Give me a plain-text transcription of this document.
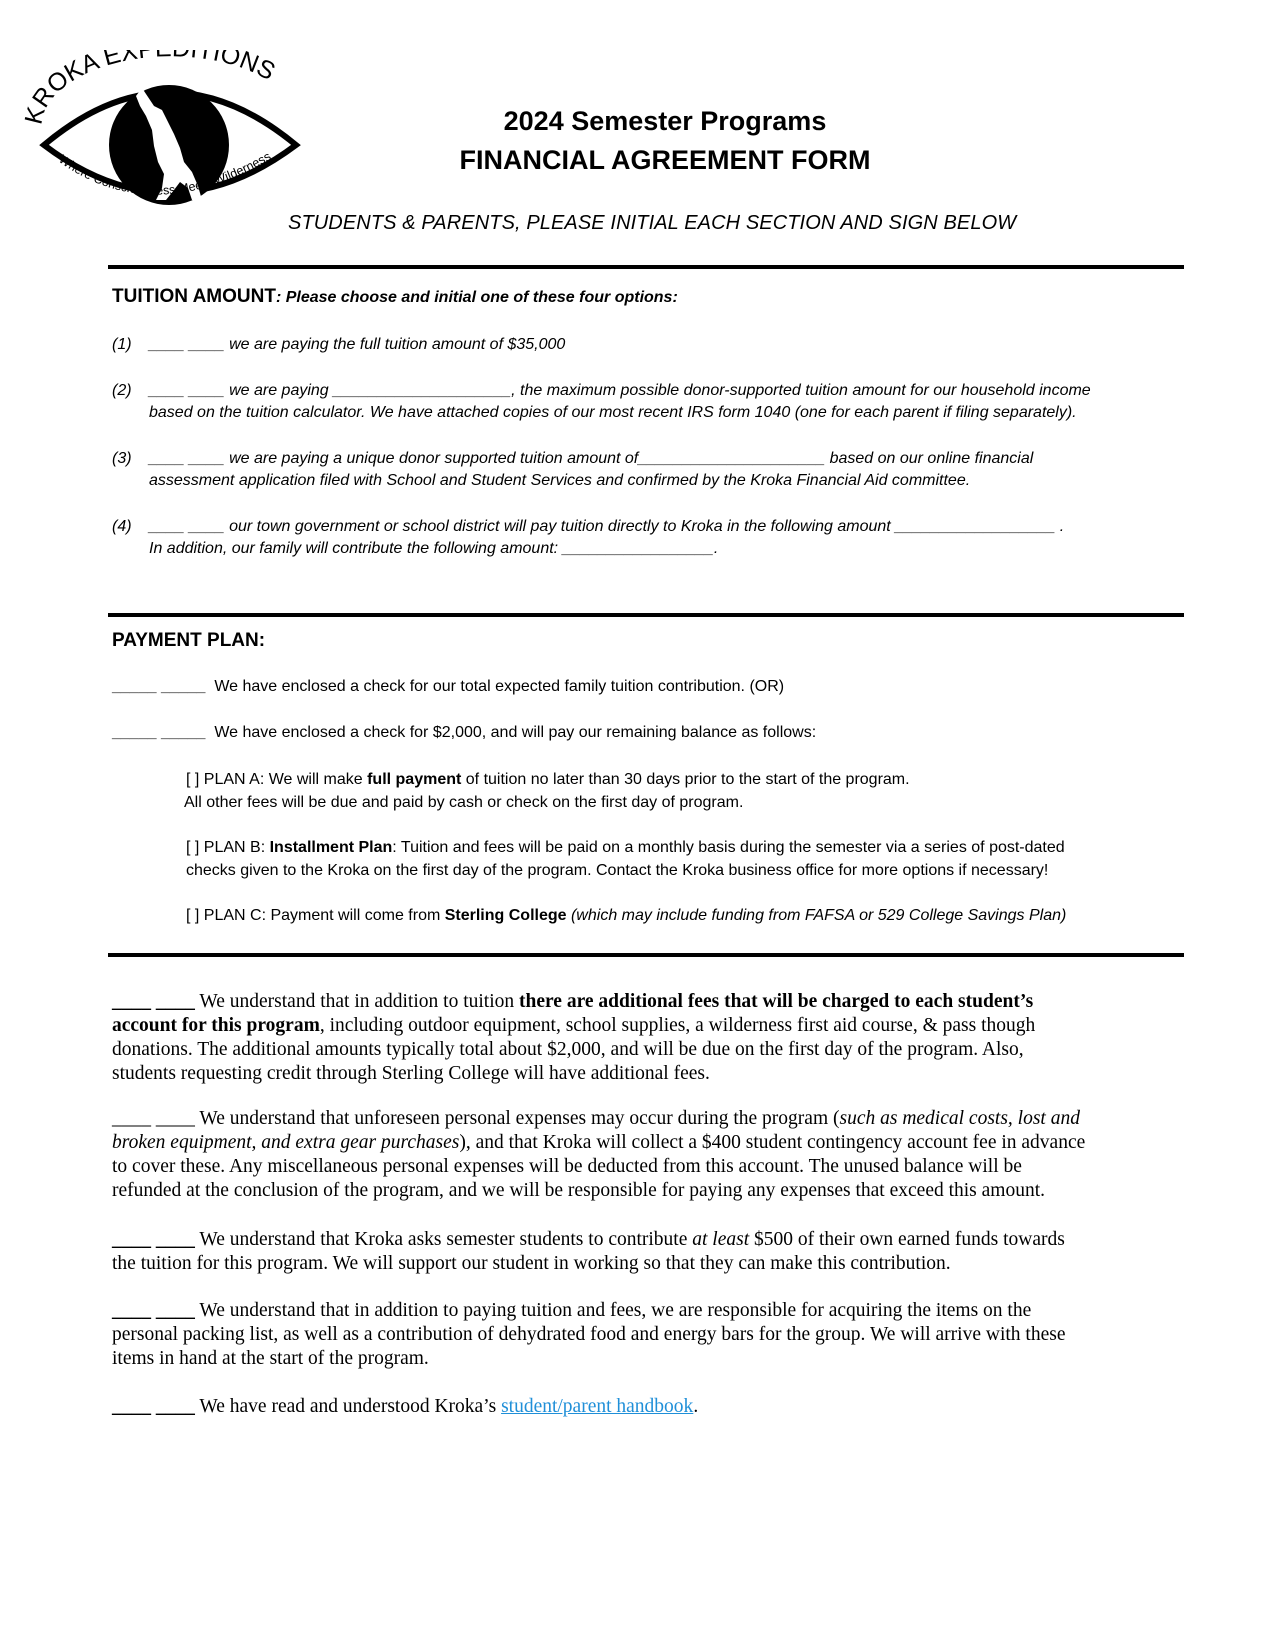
ROKA EX TIONS
Where Consciousness Meets Wilderness
2024 Semester Programs
FINANCIAL AGREEMENT FORM
STUDENTS & PARENTS, PLEASE INITIAL EACH SECTION AND SIGN BELOW
TUITION AMOUNT: Please choose and initial one of these four options:
(1) ____ ____ we are paying the full tuition amount of $35,000
(2) ____ ____ we are paying ____________________, the maximum possible donor-supported tuition amount for our household income
based on the tuition calculator. We have attached copies of our most recent IRS form 1040 (one for each parent if filing separately).
(3) ____ ____ we are paying a unique donor supported tuition amount of_____________________ based on our online financial
assessment application filed with School and Student Services and confirmed by the Kroka Financial Aid committee.
(4) ____ ____ our town government or school district will pay tuition directly to Kroka in the following amount __________________ .
In addition, our family will contribute the following amount: _________________.
PAYMENT PLAN:
_____ _____ We have enclosed a check for our total expected family tuition contribution. (OR)
_____ _____ We have enclosed a check for $2,000, and will pay our remaining balance as follows:
[ ] PLAN A: We will make full payment of tuition no later than 30 days prior to the start of the program.
All other fees will be due and paid by cash or check on the first day of program.
[ ] PLAN B: Installment Plan: Tuition and fees will be paid on a monthly basis during the semester via a series of post-dated
checks given to the Kroka on the first day of the program. Contact the Kroka business office for more options if necessary!
[ ] PLAN C: Payment will come from Sterling College (which may include funding from FAFSA or 529 College Savings Plan)
____ ____ We understand that in addition to tuition there are additional fees that will be charged to each student’s
account for this program, including outdoor equipment, school supplies, a wilderness first aid course, & pass though
donations. The additional amounts typically total about $2,000, and will be due on the first day of the program. Also,
students requesting credit through Sterling College will have additional fees.
____ ____ We understand that unforeseen personal expenses may occur during the program (such as medical costs, lost and
broken equipment, and extra gear purchases), and that Kroka will collect a $400 student contingency account fee in advance
to cover these. Any miscellaneous personal expenses will be deducted from this account. The unused balance will be
refunded at the conclusion of the program, and we will be responsible for paying any expenses that exceed this amount.
____ ____ We understand that Kroka asks semester students to contribute at least $500 of their own earned funds towards
the tuition for this program. We will support our student in working so that they can make this contribution.
____ ____ We understand that in addition to paying tuition and fees, we are responsible for acquiring the items on the
personal packing list, as well as a contribution of dehydrated food and energy bars for the group. We will arrive with these
items in hand at the start of the program.
____ ____ We have read and understood Kroka’s student/parent handbook.
